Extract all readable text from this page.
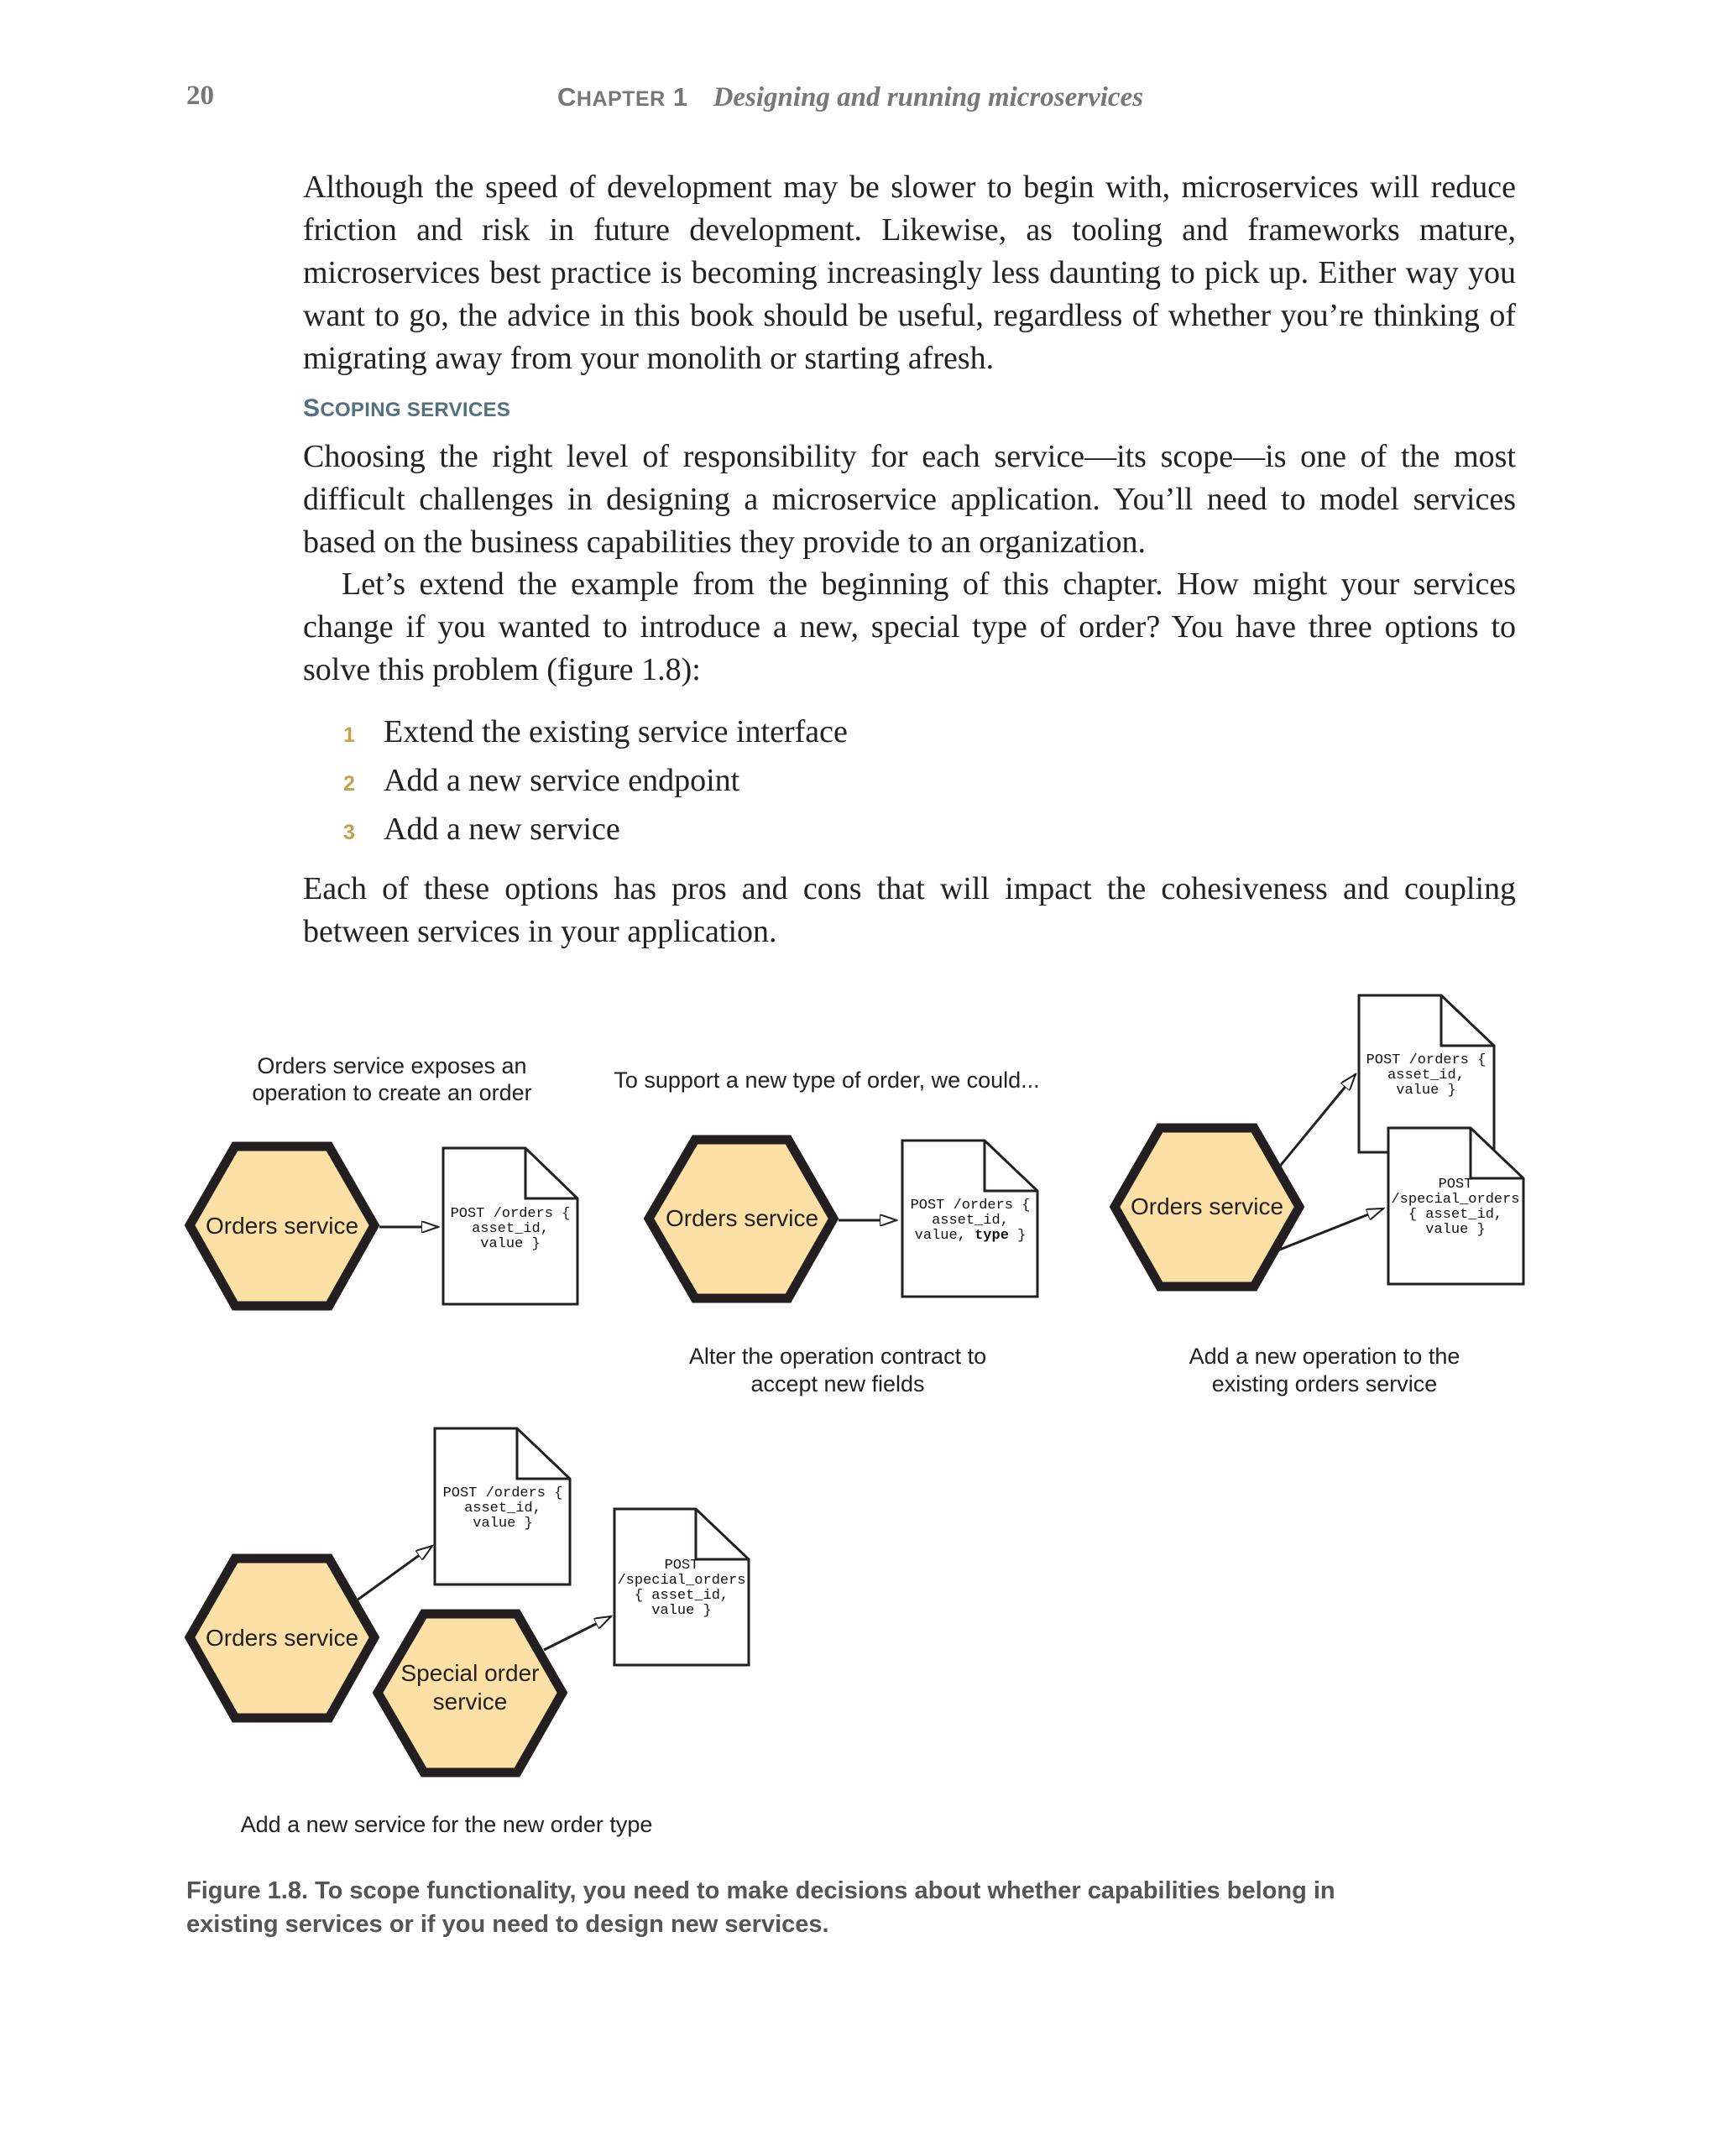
20	CHAPTER 1 Designing and running microservices

Although the speed of development may be slower to begin with, microservices will reduce friction and risk in future development. Likewise, as tooling and frameworks mature, microservices best practice is becoming increasingly less daunting to pick up. Either way you want to go, the advice in this book should be useful, regardless of whether you’re thinking of migrating away from your monolith or starting afresh.

SCOPING SERVICES

Choosing the right level of responsibility for each service—its scope—is one of the most difficult challenges in designing a microservice application. You’ll need to model services based on the business capabilities they provide to an organization.

Let’s extend the example from the beginning of this chapter. How might your services change if you wanted to introduce a new, special type of order? You have three options to solve this problem (figure 1.8):

1 Extend the existing service interface
2 Add a new service endpoint
3 Add a new service

Each of these options has pros and cons that will impact the cohesiveness and coupling between services in your application.

Orders service exposes an
operation to create an order	To support a new type of order, we could...
Orders service	POST /orders {
asset_id,
value }
Orders service	POST /orders {
asset_id,
value, type }
Alter the operation contract to
accept new fields
Orders service
POST /orders {
asset_id,
value }
POST
/special_orders
{ asset_id,
value }
Add a new operation to the
existing orders service
POST /orders {
asset_id,
value }
POST
/special_orders
{ asset_id,
value }
Orders service
Special order
service
Add a new service for the new order type

Figure 1.8. To scope functionality, you need to make decisions about whether capabilities belong in existing services or if you need to design new services.
